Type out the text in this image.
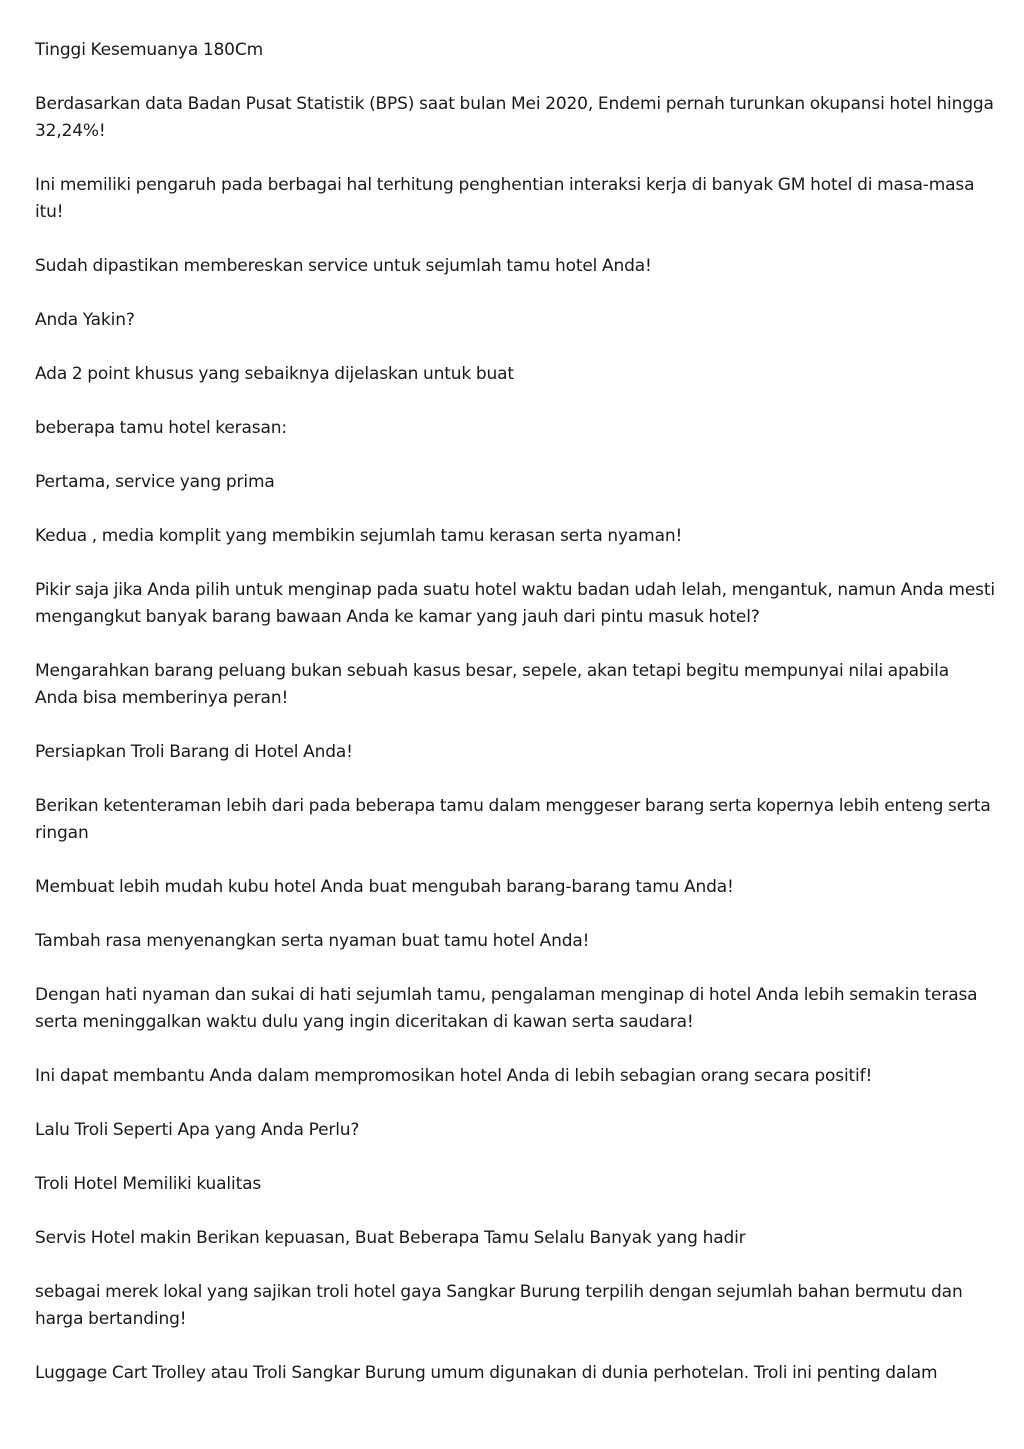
Tinggi Kesemuanya 180Cm

Berdasarkan data Badan Pusat Statistik (BPS) saat bulan Mei 2020, Endemi pernah turunkan okupansi hotel hingga 32,24%!

Ini memiliki pengaruh pada berbagai hal terhitung penghentian interaksi kerja di banyak GM hotel di masa-masa itu!

Sudah dipastikan membereskan service untuk sejumlah tamu hotel Anda!

Anda Yakin?

Ada 2 point khusus yang sebaiknya dijelaskan untuk buat

beberapa tamu hotel kerasan:

Pertama, service yang prima

Kedua , media komplit yang membikin sejumlah tamu kerasan serta nyaman!

Pikir saja jika Anda pilih untuk menginap pada suatu hotel waktu badan udah lelah, mengantuk, namun Anda mesti mengangkut banyak barang bawaan Anda ke kamar yang jauh dari pintu masuk hotel?

Mengarahkan barang peluang bukan sebuah kasus besar, sepele, akan tetapi begitu mempunyai nilai apabila Anda bisa memberinya peran!

Persiapkan Troli Barang di Hotel Anda!

Berikan ketenteraman lebih dari pada beberapa tamu dalam menggeser barang serta kopernya lebih enteng serta ringan

Membuat lebih mudah kubu hotel Anda buat mengubah barang-barang tamu Anda!

Tambah rasa menyenangkan serta nyaman buat tamu hotel Anda!

Dengan hati nyaman dan sukai di hati sejumlah tamu, pengalaman menginap di hotel Anda lebih semakin terasa serta meninggalkan waktu dulu yang ingin diceritakan di kawan serta saudara!

Ini dapat membantu Anda dalam mempromosikan hotel Anda di lebih sebagian orang secara positif!

Lalu Troli Seperti Apa yang Anda Perlu?

Troli Hotel Memiliki kualitas

Servis Hotel makin Berikan kepuasan, Buat Beberapa Tamu Selalu Banyak yang hadir

sebagai merek lokal yang sajikan troli hotel gaya Sangkar Burung terpilih dengan sejumlah bahan bermutu dan harga bertanding!

Luggage Cart Trolley atau Troli Sangkar Burung umum digunakan di dunia perhotelan. Troli ini penting dalam
